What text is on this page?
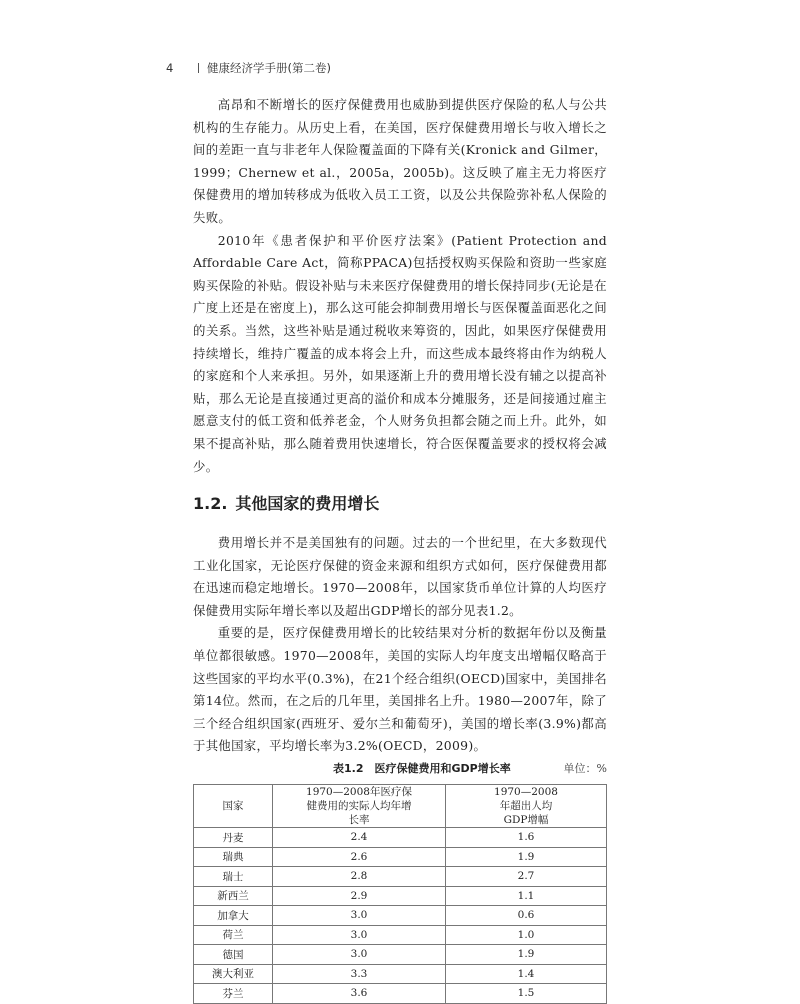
4	健康经济学手册(第二卷)

高昂和不断增长的医疗保健费用也威胁到提供医疗保险的私人与公共机构的生存能力。从历史上看，在美国，医疗保健费用增长与收入增长之间的差距一直与非老年人保险覆盖面的下降有关(Kronick and Gilmer，1999；Chernew et al.，2005a，2005b)。这反映了雇主无力将医疗保健费用的增加转移成为低收入员工工资，以及公共保险弥补私人保险的失败。

2010年《患者保护和平价医疗法案》(Patient Protection and Affordable Care Act，简称PPACA)包括授权购买保险和资助一些家庭购买保险的补贴。假设补贴与未来医疗保健费用的增长保持同步(无论是在广度上还是在密度上)，那么这可能会抑制费用增长与医保覆盖面恶化之间的关系。当然，这些补贴是通过税收来筹资的，因此，如果医疗保健费用持续增长，维持广覆盖的成本将会上升，而这些成本最终将由作为纳税人的家庭和个人来承担。另外，如果逐渐上升的费用增长没有辅之以提高补贴，那么无论是直接通过更高的溢价和成本分摊服务，还是间接通过雇主愿意支付的低工资和低养老金，个人财务负担都会随之而上升。此外，如果不提高补贴，那么随着费用快速增长，符合医保覆盖要求的授权将会减少。

1.2. 其他国家的费用增长

费用增长并不是美国独有的问题。过去的一个世纪里，在大多数现代工业化国家，无论医疗保健的资金来源和组织方式如何，医疗保健费用都在迅速而稳定地增长。1970—2008年，以国家货币单位计算的人均医疗保健费用实际年增长率以及超出GDP增长的部分见表1.2。

重要的是，医疗保健费用增长的比较结果对分析的数据年份以及衡量单位都很敏感。1970—2008年，美国的实际人均年度支出增幅仅略高于这些国家的平均水平(0.3%)，在21个经合组织(OECD)国家中，美国排名第14位。然而，在之后的几年里，美国排名上升。1980—2007年，除了三个经合组织国家(西班牙、爱尔兰和葡萄牙)，美国的增长率(3.9%)都高于其他国家，平均增长率为3.2%(OECD，2009)。

表1.2　医疗保健费用和GDP增长率	单位：%
国家	1970—2008年医疗保健费用的实际人均年增长率	1970—2008年超出人均GDP增幅
丹麦	2.4	1.6
瑞典	2.6	1.9
瑞士	2.8	2.7
新西兰	2.9	1.1
加拿大	3.0	0.6
荷兰	3.0	1.0
德国	3.0	1.9
澳大利亚	3.3	1.4
芬兰	3.6	1.5
